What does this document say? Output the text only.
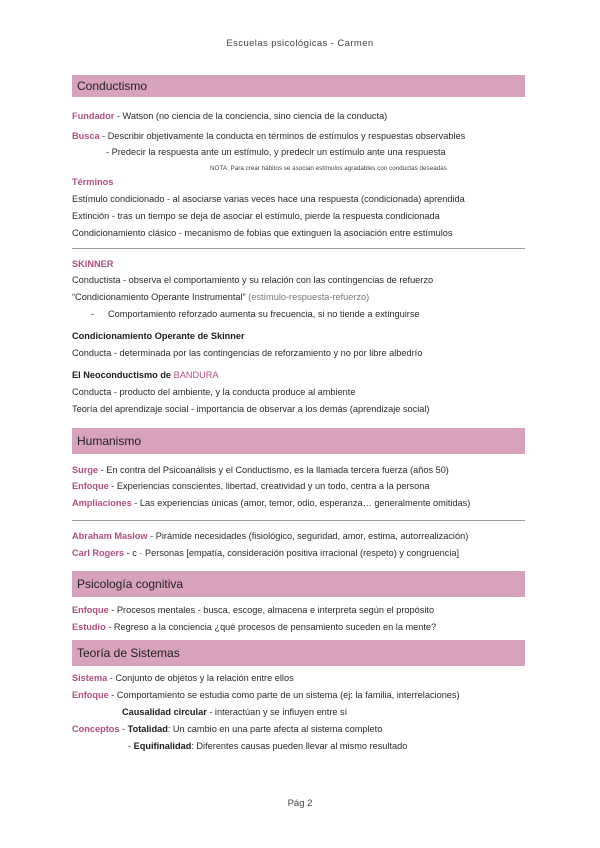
Escuelas psicológicas - Carmen
Conductismo
Fundador - Watson (no ciencia de la conciencia, sino ciencia de la conducta)
Busca - Describir objetivamente la conducta en términos de estímulos y respuestas observables
- Predecir la respuesta ante un estímulo, y predecir un estímulo ante una respuesta
NOTA: Para crear hábitos se asocian estímulos agradables con conductas deseadas
Términos
Estímulo condicionado - al asociarse varias veces hace una respuesta (condicionada) aprendida
Extinción - tras un tiempo se deja de asociar el estímulo, pierde la respuesta condicionada
Condicionamiento clásico - mecanismo de fobias que extinguen la asociación entre estímulos
SKINNER
Conductista - observa el comportamiento y su relación con las contingencias de refuerzo
“Condicionamiento Operante Instrumental” (estímulo-respuesta-refuerzo)
- Comportamiento reforzado aumenta su frecuencia, si no tiende a extinguirse
Condicionamiento Operante de Skinner
Conducta - determinada por las contingencias de reforzamiento y no por libre albedrío
El Neoconductismo de BANDURA
Conducta - producto del ambiente, y la conducta produce al ambiente
Teoría del aprendizaje social - importancia de observar a los demás (aprendizaje social)
Humanismo
Surge - En contra del Psicoanálisis y el Conductismo, es la llamada tercera fuerza (años 50)
Enfoque - Experiencias conscientes, libertad, creatividad y un todo, centra a la persona
Ampliaciones - Las experiencias únicas (amor, temor, odio, esperanza… generalmente omitidas)
Abraham Maslow - Pirámide necesidades (fisiológico, seguridad, amor, estima, autorrealización)
Carl Rogers - c · Personas [empatía, consideración positiva irracional (respeto) y congruencia]
Psicología cognitiva
Enfoque - Procesos mentales - busca, escoge, almacena e interpreta según el propósito
Estudio - Regreso a la conciencia ¿qué procesos de pensamiento suceden en la mente?
Teoría de Sistemas
Sistema - Conjunto de objetos y la relación entre ellos
Enfoque - Comportamiento se estudia como parte de un sistema (ej: la familia, interrelaciones)
Causalidad circular - interactúan y se influyen entre sí
Conceptos - Totalidad: Un cambio en una parte afecta al sistema completo
- Equifinalidad: Diferentes causas pueden llevar al mismo resultado
Pág 2
